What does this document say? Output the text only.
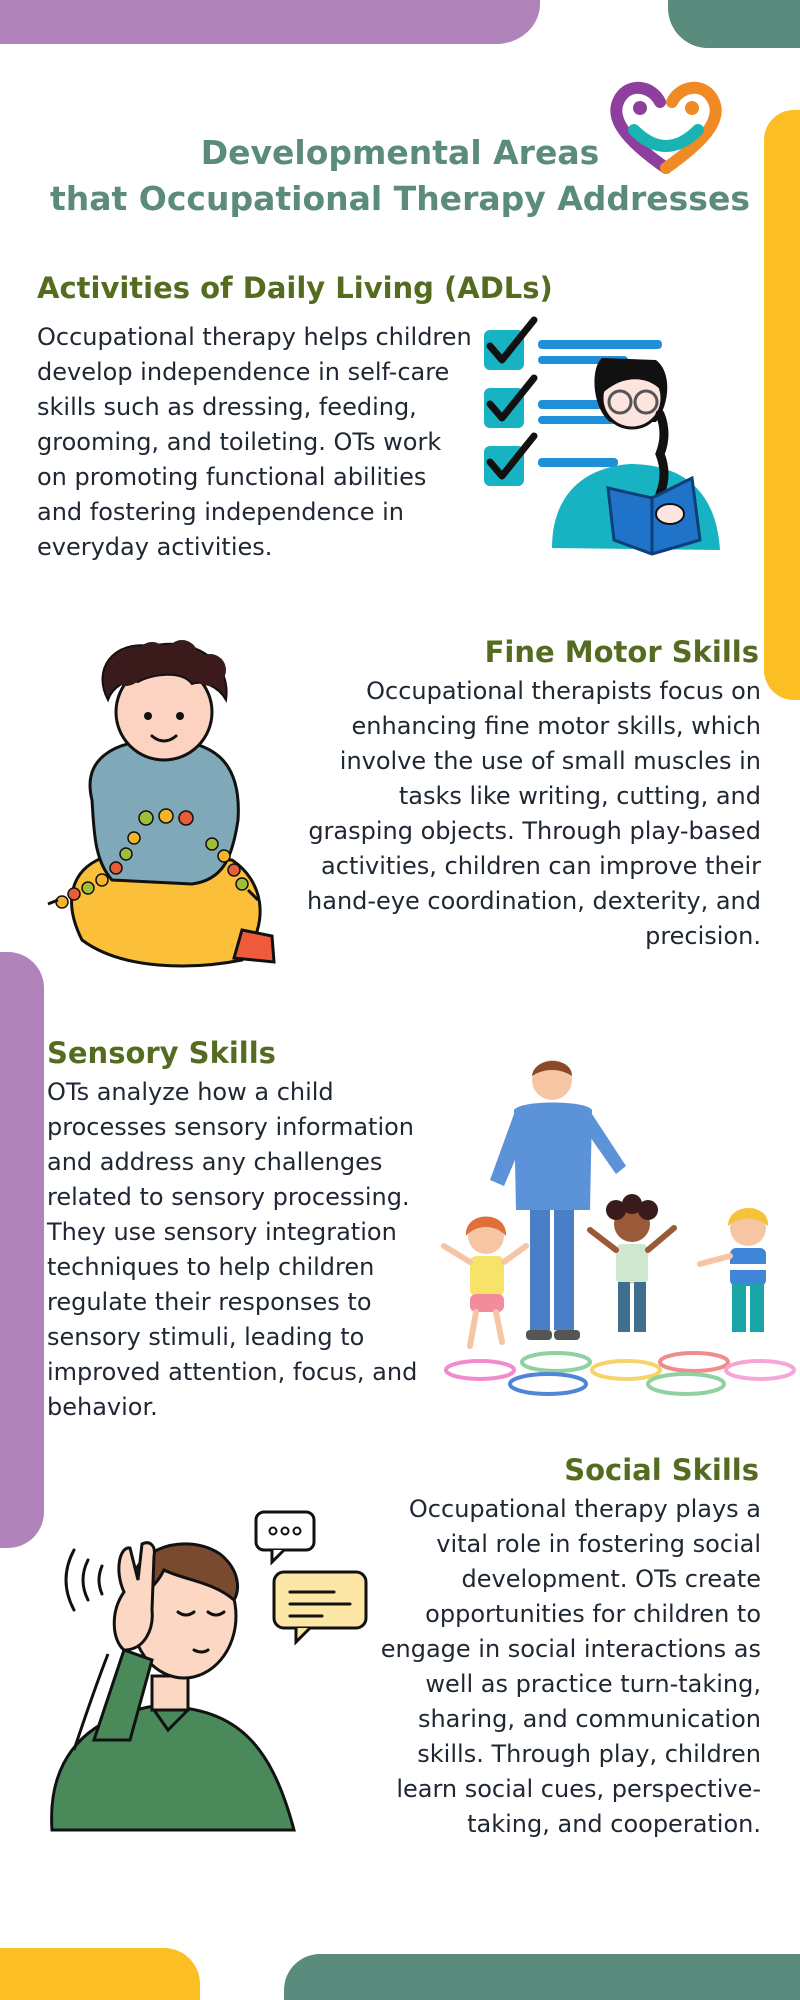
Developmental Areas
that Occupational Therapy Addresses
Activities of Daily Living (ADLs)

Occupational therapy helps children develop independence in self-care skills such as dressing, feeding, grooming, and toileting. OTs work on promoting functional abilities and fostering independence in everyday activities.

Fine Motor Skills

Occupational therapists focus on enhancing fine motor skills, which involve the use of small muscles in tasks like writing, cutting, and grasping objects. Through play-based activities, children can improve their hand-eye coordination, dexterity, and precision.

Sensory Skills

OTs analyze how a child processes sensory information and address any challenges related to sensory processing. They use sensory integration techniques to help children regulate their responses to sensory stimuli, leading to improved attention, focus, and behavior.

Social Skills

Occupational therapy plays a vital role in fostering social development. OTs create opportunities for children to engage in social interactions as well as practice turn-taking, sharing, and communication skills. Through play, children learn social cues, perspective-taking, and cooperation.
